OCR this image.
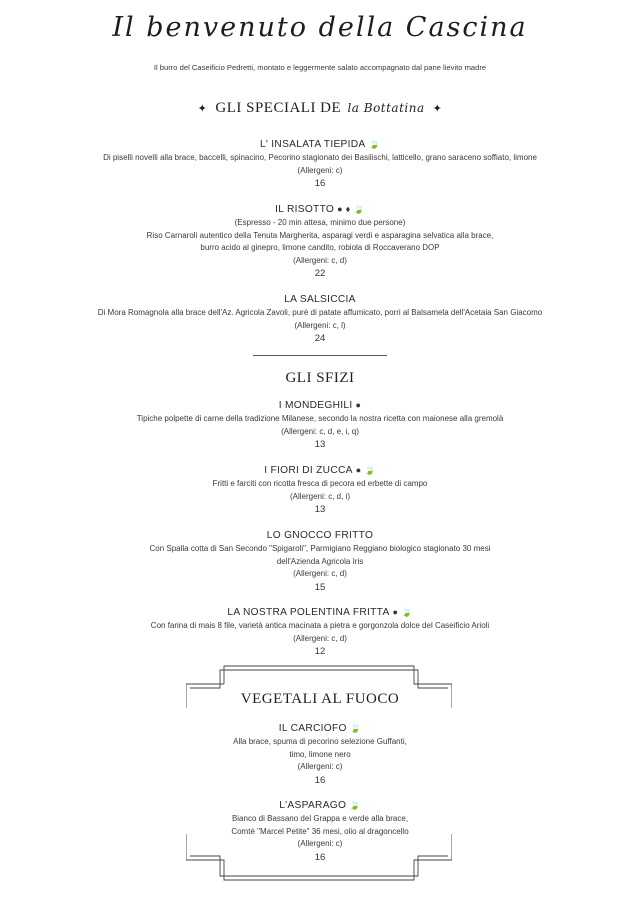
Il benvenuto della Cascina
Il burro del Caseificio Pedretti, montato e leggermente salato accompagnato dal pane lievito madre
✦ GLI SPECIALI DE la Bottatina ✦
L' INSALATA TIEPIDA 🍃
Di piselli novelli alla brace, baccelli, spinacino, Pecorino stagionato dei Basilischi, latticello, grano saraceno soffiato, limone
(Allergeni: c)
16
IL RISOTTO ● ♦ 🍃
(Espresso - 20 min attesa, minimo due persone)
Riso Carnaroli autentico della Tenuta Margherita, asparagi verdi e asparagina selvatica alla brace,
burro acido al ginepro, limone candito, robiola di Roccaverano DOP
(Allergeni: c, d)
22
LA SALSICCIA
Di Mora Romagnola alla brace dell'Az. Agricola Zavoli, purè di patate affumicato, porri al Balsamela dell'Acetaia San Giacomo
(Allergeni: c, l)
24
GLI SFIZI
I MONDEGHILI ●
Tipiche polpette di carne della tradizione Milanese, secondo la nostra ricetta con maionese alla gremolà
(Allergeni: c, d, e, i, q)
13
I FIORI DI ZUCCA ● 🍃
Fritti e farciti con ricotta fresca di pecora ed erbette di campo
(Allergeni: c, d, i)
13
LO GNOCCO FRITTO
Con Spalla cotta di San Secondo "Spigaroli", Parmigiano Reggiano biologico stagionato 30 mesi
dell'Azienda Agricola Iris
(Allergeni: c, d)
15
LA NOSTRA POLENTINA FRITTA ● 🍃
Con farina di mais 8 file, varietà antica macinata a pietra e gorgonzola dolce del Caseificio Arioli
(Allergeni: c, d)
12
VEGETALI AL FUOCO
IL CARCIOFO 🍃
Alla brace, spuma di pecorino selezione Guffanti,
timo, limone nero
(Allergeni: c)
16
L'ASPARAGO 🍃
Bianco di Bassano del Grappa e verde alla brace,
Comtè "Marcel Petite" 36 mesi, olio al dragoncello
(Allergeni: c)
16
